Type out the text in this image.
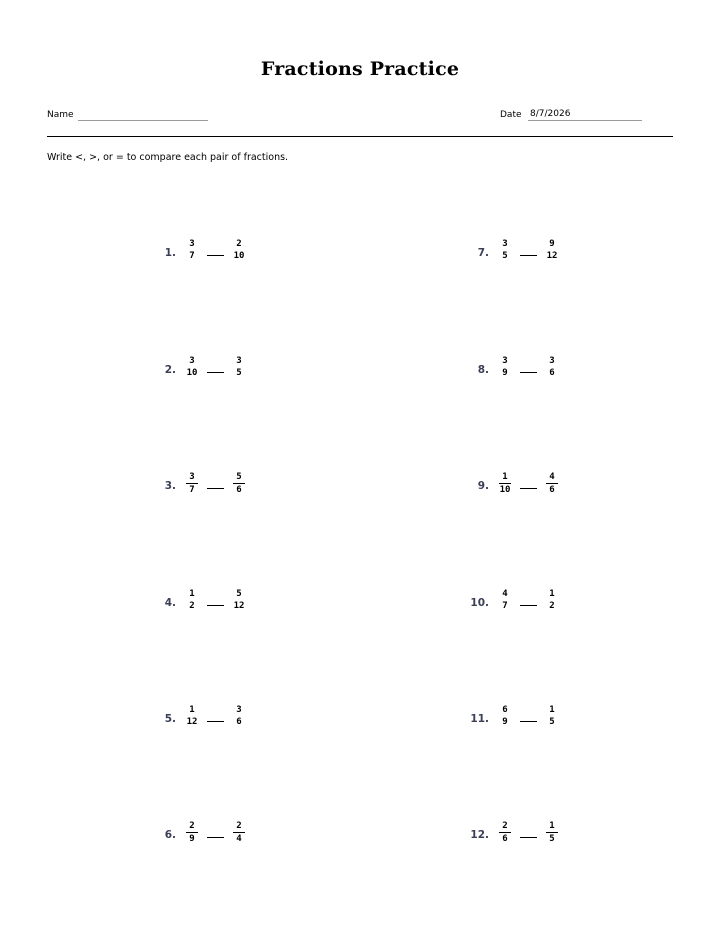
Fractions Practice
Name	Date 8/7/2026
Write <, >, or = to compare each pair of fractions.
1.
3
7
2
10
2.
3
10
3
5
3. $\frac{3}{7}$	$\frac{5}{6}$
4.
1
2
5
12
5.
1
12
3
6
6. $\frac{2}{9}$	$\frac{2}{4}$
7.
3
5
9
12
8.
3
9
3
6
9. $\frac{1}{10}$	$\frac{4}{6}$
10.
4
7
1
2
11.
6
9
1
5
12. $\frac{2}{6}$	$\frac{1}{5}$
